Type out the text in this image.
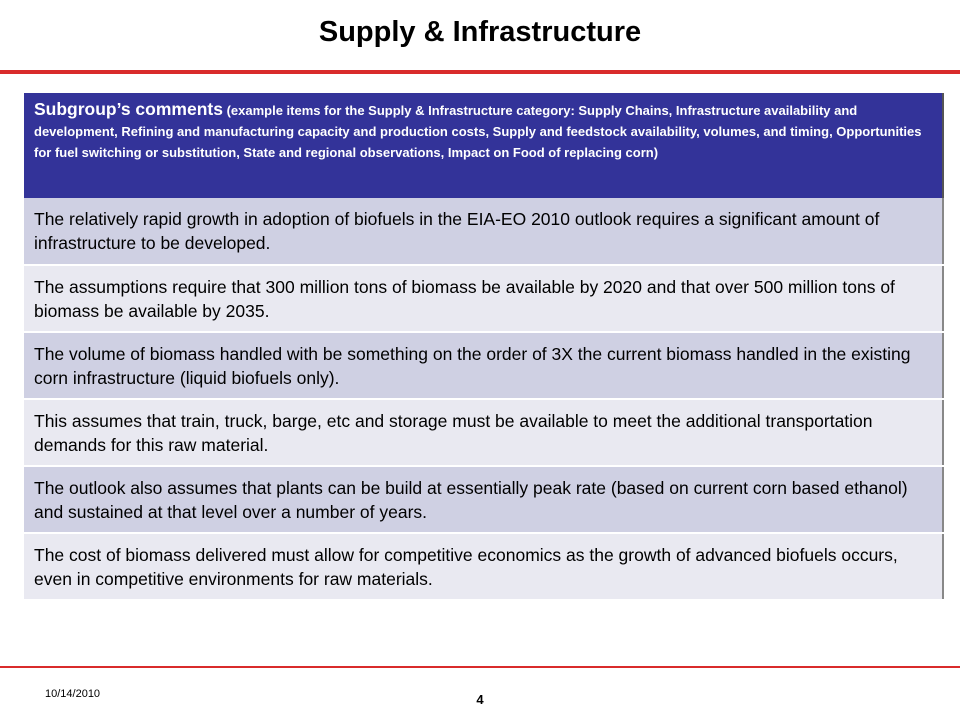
Supply & Infrastructure
Subgroup’s comments (example items for the Supply & Infrastructure category: Supply Chains, Infrastructure availability and development, Refining and manufacturing capacity and production costs, Supply and feedstock availability, volumes, and timing, Opportunities for fuel switching or substitution, State and regional observations, Impact on Food of replacing corn)
The relatively rapid growth in adoption of biofuels in the EIA-EO 2010 outlook requires a significant amount of infrastructure to be developed.
The assumptions require that 300 million tons of biomass be available by 2020 and that over 500 million tons of biomass be available by 2035.
The volume of biomass handled with be something on the order of 3X the current biomass handled in the existing corn infrastructure (liquid biofuels only).
This assumes that train, truck, barge, etc and storage must be available to meet the additional transportation demands for this raw material.
The outlook also assumes that plants can be build at essentially peak rate (based on current corn based ethanol) and sustained at that level over a number of years.
The cost of biomass delivered must allow for competitive economics as the growth of advanced biofuels occurs, even in competitive environments for raw materials.
10/14/2010	4
